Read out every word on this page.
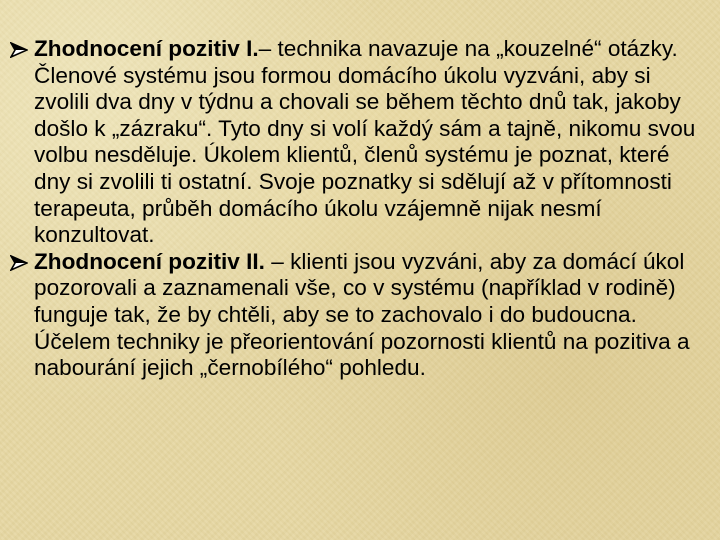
Zhodnocení pozitiv I.– technika navazuje na „kouzelné“ otázky. Členové systému jsou formou domácího úkolu vyzváni, aby si zvolili dva dny v týdnu a chovali se během těchto dnů tak, jakoby došlo k „zázraku“. Tyto dny si volí každý sám a tajně, nikomu svou volbu nesděluje. Úkolem klientů, členů systému je poznat, které dny si zvolili ti ostatní. Svoje poznatky si sdělují až v přítomnosti terapeuta, průběh domácího úkolu vzájemně nijak nesmí konzultovat.
Zhodnocení pozitiv II. – klienti jsou vyzváni, aby za domácí úkol pozorovali a zaznamenali vše, co v systému (například v rodině) funguje tak, že by chtěli, aby se to zachovalo i do budoucna. Účelem techniky je přeorientování pozornosti klientů na pozitiva a nabourání jejich „černobílého“ pohledu.
